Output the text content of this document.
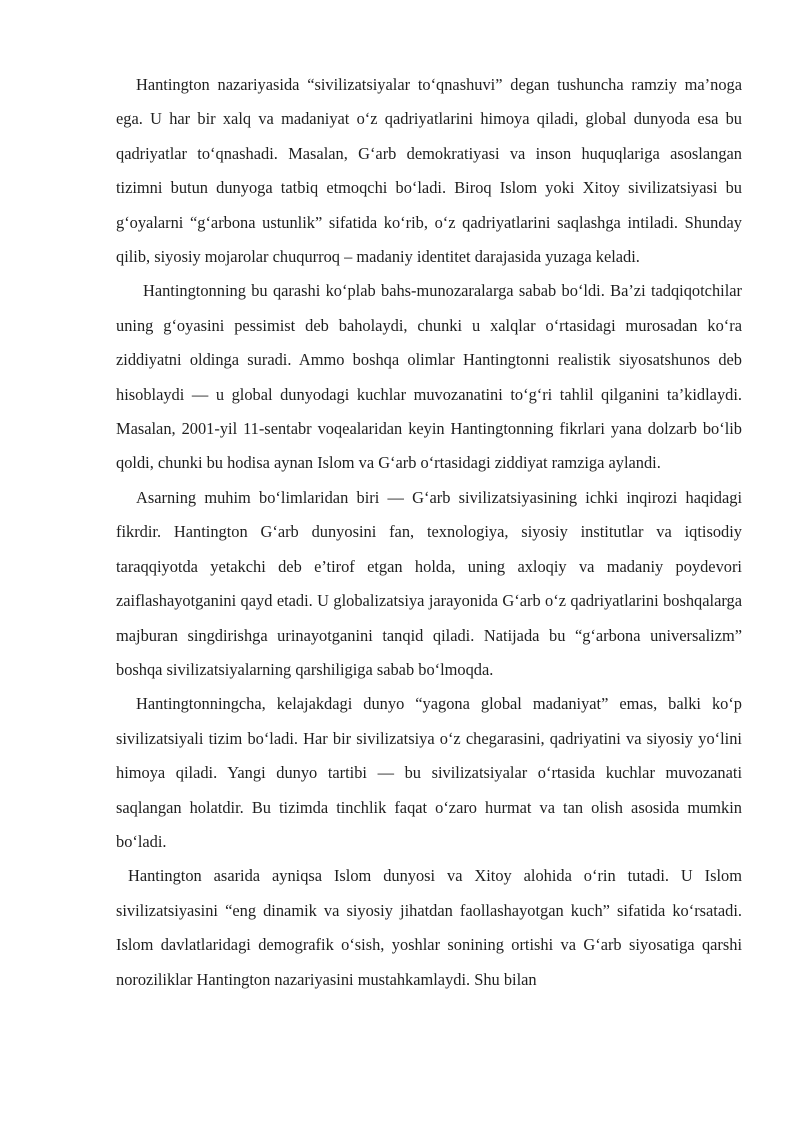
Hantington nazariyasida “sivilizatsiyalar to‘qnashuvi” degan tushuncha ramziy ma’noga ega. U har bir xalq va madaniyat o‘z qadriyatlarini himoya qiladi, global dunyoda esa bu qadriyatlar to‘qnashadi. Masalan, G‘arb demokratiyasi va inson huquqlariga asoslangan tizimni butun dunyoga tatbiq etmoqchi bo‘ladi. Biroq Islom yoki Xitoy sivilizatsiyasi bu g‘oyalarni “g‘arbona ustunlik” sifatida ko‘rib, o‘z qadriyatlarini saqlashga intiladi. Shunday qilib, siyosiy mojarolar chuqurroq – madaniy identitet darajasida yuzaga keladi.

Hantingtonning bu qarashi ko‘plab bahs-munozaralarga sabab bo‘ldi. Ba’zi tadqiqotchilar uning g‘oyasini pessimist deb baholaydi, chunki u xalqlar o‘rtasidagi murosadan ko‘ra ziddiyatni oldinga suradi. Ammo boshqa olimlar Hantingtonni realistik siyosatshunos deb hisoblaydi — u global dunyodagi kuchlar muvozanatini to‘g‘ri tahlil qilganini ta’kidlaydi. Masalan, 2001-yil 11-sentabr voqealaridan keyin Hantingtonning fikrlari yana dolzarb bo‘lib qoldi, chunki bu hodisa aynan Islom va G‘arb o‘rtasidagi ziddiyat ramziga aylandi.

Asarning muhim bo‘limlaridan biri — G‘arb sivilizatsiyasining ichki inqirozi haqidagi fikrdir. Hantington G‘arb dunyosini fan, texnologiya, siyosiy institutlar va iqtisodiy taraqqiyotda yetakchi deb e’tirof etgan holda, uning axloqiy va madaniy poydevori zaiflashayotganini qayd etadi. U globalizatsiya jarayonida G‘arb o‘z qadriyatlarini boshqalarga majburan singdirishga urinayotganini tanqid qiladi. Natijada bu “g‘arbona universalizm” boshqa sivilizatsiyalarning qarshiligiga sabab bo‘lmoqda.

Hantingtonningcha, kelajakdagi dunyo “yagona global madaniyat” emas, balki ko‘p sivilizatsiyali tizim bo‘ladi. Har bir sivilizatsiya o‘z chegarasini, qadriyatini va siyosiy yo‘lini himoya qiladi. Yangi dunyo tartibi — bu sivilizatsiyalar o‘rtasida kuchlar muvozanati saqlangan holatdir. Bu tizimda tinchlik faqat o‘zaro hurmat va tan olish asosida mumkin bo‘ladi.

Hantington asarida ayniqsa Islom dunyosi va Xitoy alohida o‘rin tutadi. U Islom sivilizatsiyasini “eng dinamik va siyosiy jihatdan faollashayotgan kuch” sifatida ko‘rsatadi. Islom davlatlaridagi demografik o‘sish, yoshlar sonining ortishi va G‘arb siyosatiga qarshi noroziliklar Hantington nazariyasini mustahkamlaydi. Shu bilan
